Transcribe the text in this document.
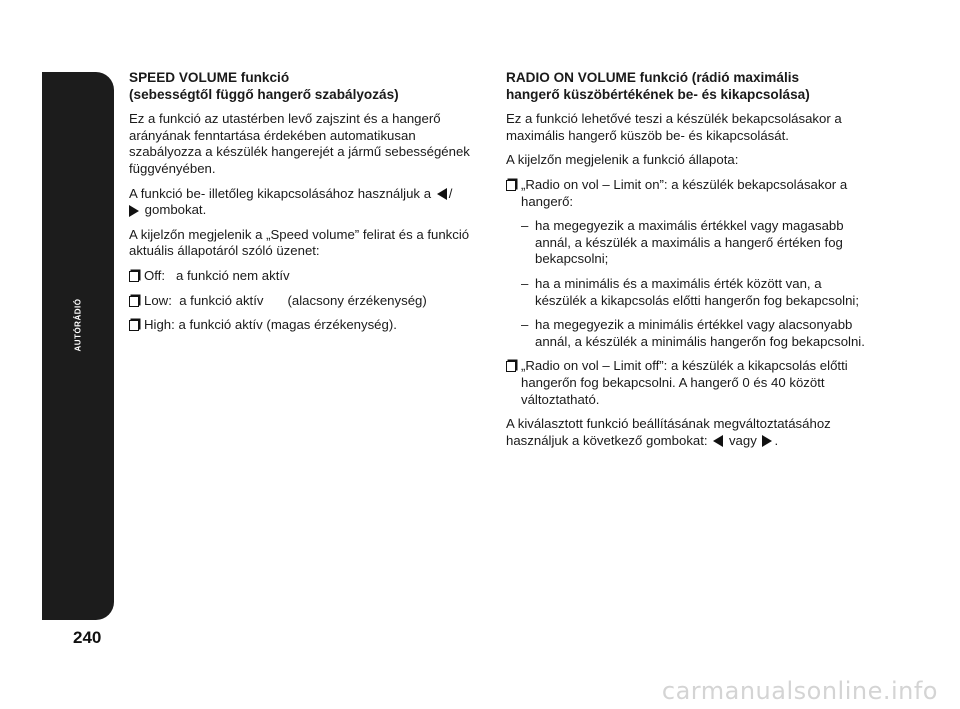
AUTÓRÁDIÓ
240
SPEED VOLUME funkció
(sebességtől függő hangerő szabályozás)

Ez a funkció az utastérben levő zajszint és a hangerő arányának fenntartása érdekében automatikusan szabályozza a készülék hangerejét a jármű sebességének függvényében.

A funkció be- illetőleg kikapcsolásához használjuk a /
gombokat.

A kijelzőn megjelenik a „Speed volume” felirat és a funkció aktuális állapotáról szóló üzenet:

Off: a funkció nem aktív
Low: a funkció aktív (alacsony érzékenység)
High: a funkció aktív (magas érzékenység).
RADIO ON VOLUME funkció (rádió maximális
hangerő küszöbértékének be- és kikapcsolása)

Ez a funkció lehetővé teszi a készülék bekapcsolásakor a maximális hangerő küszöb be- és kikapcsolását.

A kijelzőn megjelenik a funkció állapota:

„Radio on vol – Limit on”: a készülék bekapcsolásakor a hangerő:
– ha megegyezik a maximális értékkel vagy magasabb annál, a készülék a maximális a hangerő értéken fog bekapcsolni;
– ha a minimális és a maximális érték között van, a készülék a kikapcsolás előtti hangerőn fog bekapcsolni;
– ha megegyezik a minimális értékkel vagy alacsonyabb annál, a készülék a minimális hangerőn fog bekapcsolni.
„Radio on vol – Limit off”: a készülék a kikapcsolás előtti hangerőn fog bekapcsolni. A hangerő 0 és 40 között változtatható.

A kiválasztott funkció beállításának megváltoztatásához használjuk a következő gombokat: vagy .

carmanualsonline.info
